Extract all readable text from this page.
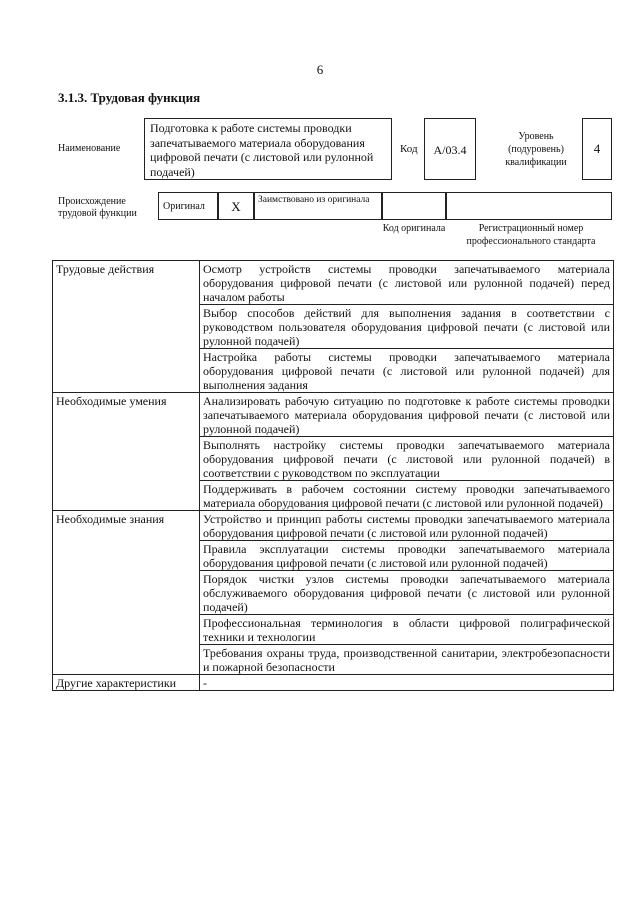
6
3.1.3. Трудовая функция
Наименование
Подготовка к работе системы проводки запечатываемого материала оборудования цифровой печати (с листовой или рулонной подачей)
Код	A/03.4
Уровень (подуровень) квалификации
4
Происхождение трудовой функции
Оригинал	X	Заимствовано из оригинала
Код оригинала	Регистрационный номер профессионального стандарта
Трудовые действия	Осмотр устройств системы проводки запечатываемого материала оборудования цифровой печати (с листовой или рулонной подачей) перед началом работы
	Выбор способов действий для выполнения задания в соответствии с руководством пользователя оборудования цифровой печати (с листовой или рулонной подачей)
	Настройка работы системы проводки запечатываемого материала оборудования цифровой печати (с листовой или рулонной подачей) для выполнения задания
Необходимые умения	Анализировать рабочую ситуацию по подготовке к работе системы проводки запечатываемого материала оборудования цифровой печати (с листовой или рулонной подачей)
	Выполнять настройку системы проводки запечатываемого материала оборудования цифровой печати (с листовой или рулонной подачей) в соответствии с руководством по эксплуатации
	Поддерживать в рабочем состоянии систему проводки запечатываемого материала оборудования цифровой печати (с листовой или рулонной подачей)
Необходимые знания	Устройство и принцип работы системы проводки запечатываемого материала оборудования цифровой печати (с листовой или рулонной подачей)
	Правила эксплуатации системы проводки запечатываемого материала оборудования цифровой печати (с листовой или рулонной подачей)
	Порядок чистки узлов системы проводки запечатываемого материала обслуживаемого оборудования цифровой печати (с листовой или рулонной подачей)
	Профессиональная терминология в области цифровой полиграфической техники и технологии
	Требования охраны труда, производственной санитарии, электробезопасности и пожарной безопасности
Другие характеристики	-
